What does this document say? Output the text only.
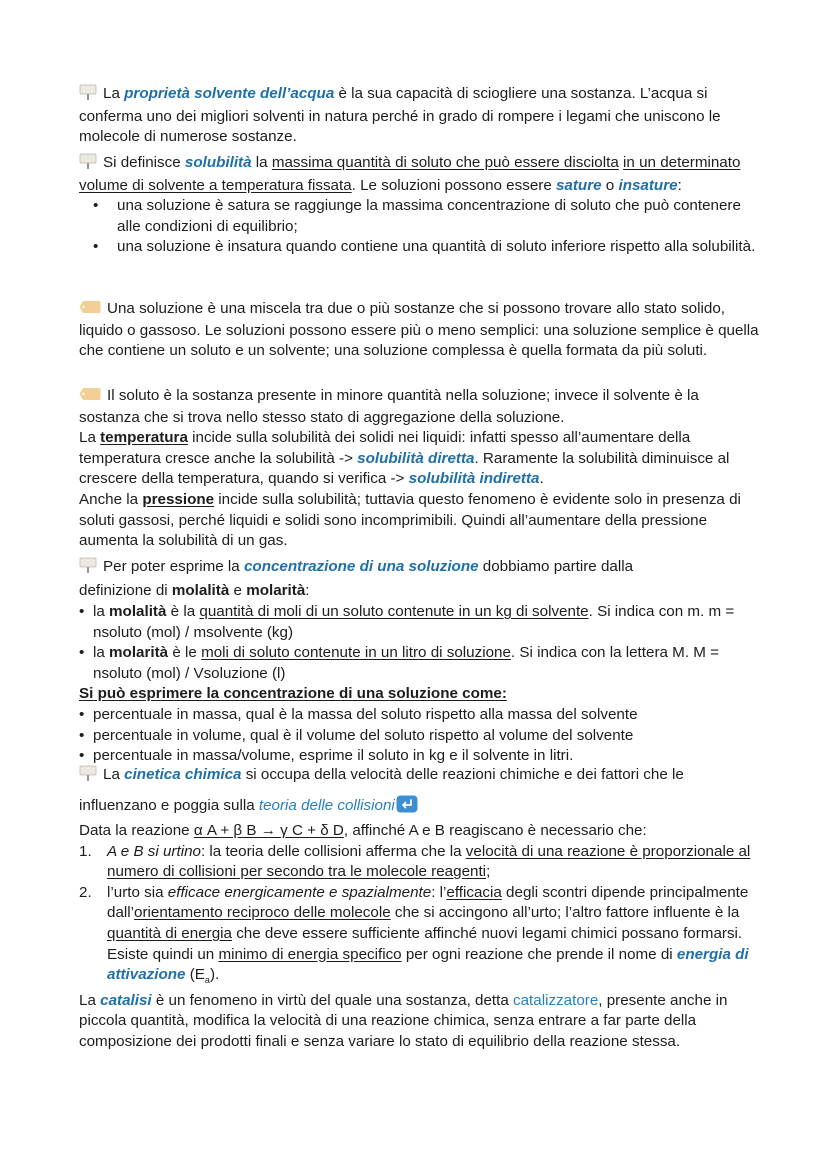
La proprietà solvente dell’acqua è la sua capacità di sciogliere una sostanza. L’acqua si conferma uno dei migliori solventi in natura perché in grado di rompere i legami che uniscono le molecole di numerose sostanze.

Si definisce solubilità la massima quantità di soluto che può essere disciolta in un determinato volume di solvente a temperatura fissata. Le soluzioni possono essere sature o insature:
• una soluzione è satura se raggiunge la massima concentrazione di soluto che può contenere alle condizioni di equilibrio;
• una soluzione è insatura quando contiene una quantità di soluto inferiore rispetto alla solubilità.

Una soluzione è una miscela tra due o più sostanze che si possono trovare allo stato solido, liquido o gassoso. Le soluzioni possono essere più o meno semplici: una soluzione semplice è quella che contiene un soluto e un solvente; una soluzione complessa è quella formata da più soluti.

Il soluto è la sostanza presente in minore quantità nella soluzione; invece il solvente è la sostanza che si trova nello stesso stato di aggregazione della soluzione.
La temperatura incide sulla solubilità dei solidi nei liquidi: infatti spesso all’aumentare della temperatura cresce anche la solubilità -> solubilità diretta. Raramente la solubilità diminuisce al crescere della temperatura, quando si verifica -> solubilità indiretta.
Anche la pressione incide sulla solubilità; tuttavia questo fenomeno è evidente solo in presenza di soluti gassosi, perché liquidi e solidi sono incomprimibili. Quindi all’aumentare della pressione aumenta la solubilità di un gas.
Per poter esprime la concentrazione di una soluzione dobbiamo partire dalla
definizione di molalità e molarità:
• la molalità è la quantità di moli di un soluto contenute in un kg di solvente. Si indica con m. m = nsoluto (mol) / msolvente (kg)
• la molarità è le moli di soluto contenute in un litro di soluzione. Si indica con la lettera M. M = nsoluto (mol) / Vsoluzione (l)
Si può esprimere la concentrazione di una soluzione come:
• percentuale in massa, qual è la massa del soluto rispetto alla massa del solvente
• percentuale in volume, qual è il volume del soluto rispetto al volume del solvente
• percentuale in massa/volume, esprime il soluto in kg e il solvente in litri.
La cinetica chimica si occupa della velocità delle reazioni chimiche e dei fattori che le
influenzano e poggia sulla teoria delle collisioni
Data la reazione α A + β B → γ C + δ D, affinché A e B reagiscano è necessario che:
1. A e B si urtino: la teoria delle collisioni afferma che la velocità di una reazione è proporzionale al numero di collisioni per secondo tra le molecole reagenti;
2. l’urto sia efficace energicamente e spazialmente: l’efficacia degli scontri dipende principalmente dall’orientamento reciproco delle molecole che si accingono all’urto; l’altro fattore influente è la quantità di energia che deve essere sufficiente affinché nuovi legami chimici possano formarsi. Esiste quindi un minimo di energia specifico per ogni reazione che prende il nome di energia di attivazione $(E_a)$.
La catalisi è un fenomeno in virtù del quale una sostanza, detta catalizzatore, presente anche in piccola quantità, modifica la velocità di una reazione chimica, senza entrare a far parte della composizione dei prodotti finali e senza variare lo stato di equilibrio della reazione stessa.
